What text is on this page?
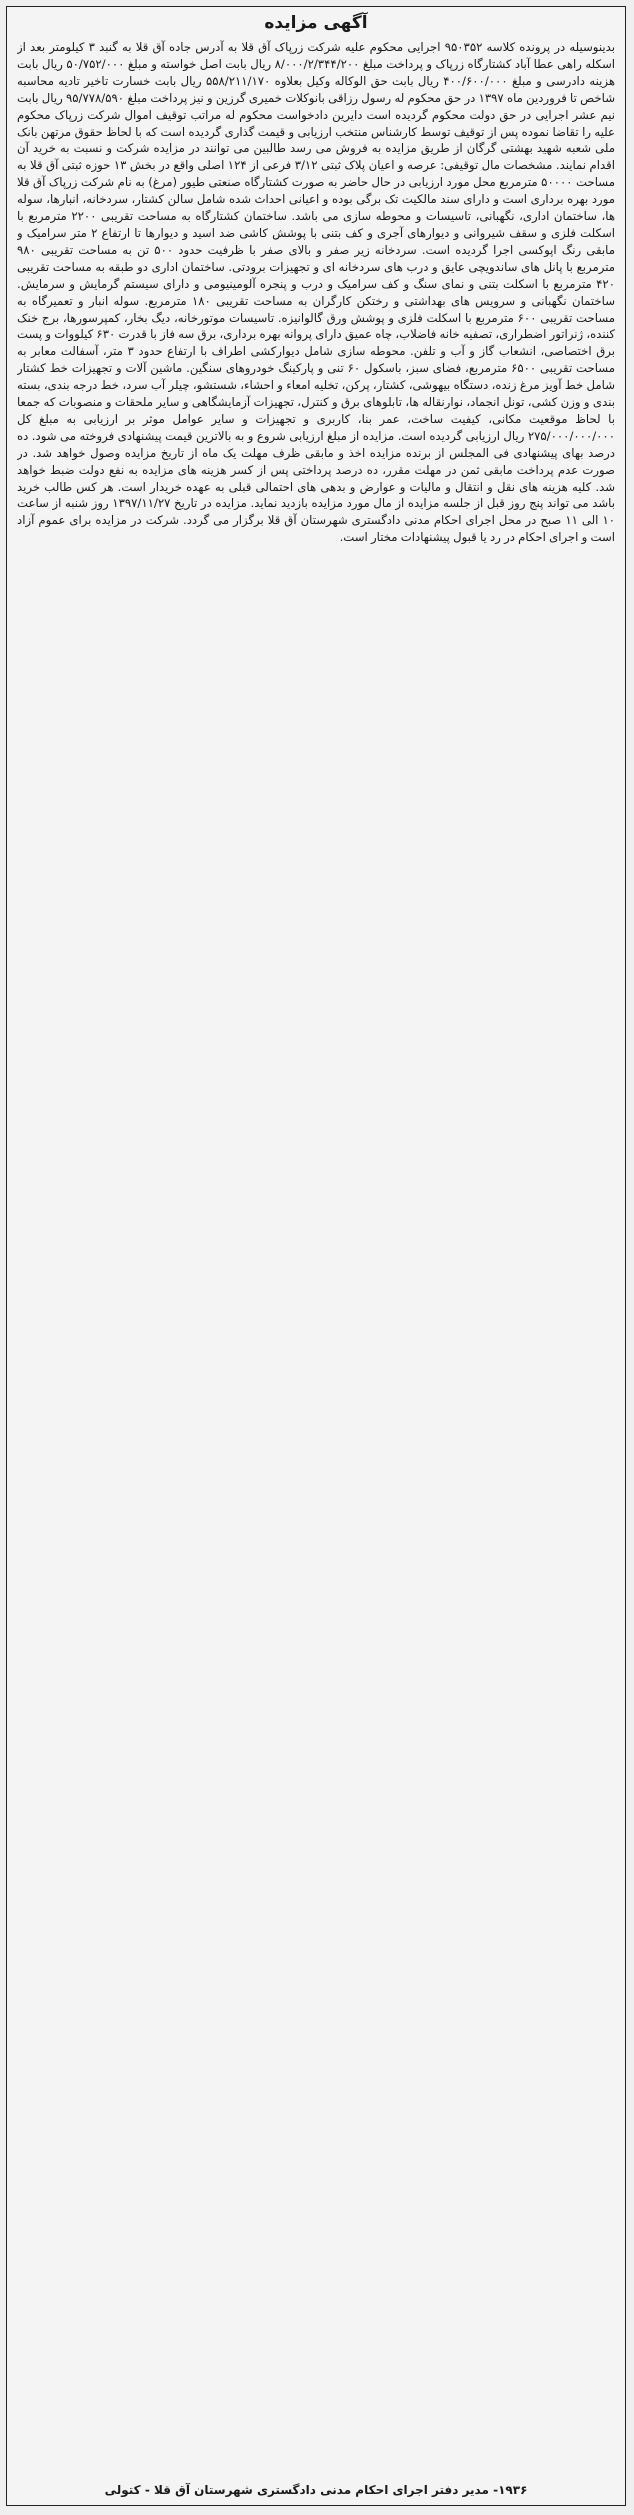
آگهی مزایده

بدینوسیله در پرونده کلاسه ۹۵۰۳۵۲ اجرایی محکوم علیه شرکت زرپاک آق قلا به آدرس جاده آق قلا به گنبد ۳ کیلومتر بعد از اسکله راهی عطا آباد کشتارگاه زرپاک و پرداخت مبلغ ۸/۰۰۰/۲/۳۴۴/۲۰۰ ریال بابت اصل خواسته و مبلغ ۵۰/۷۵۲/۰۰۰ ریال بابت هزینه دادرسی و مبلغ ۴۰۰/۶۰۰/۰۰۰ ریال بابت حق الوکاله وکیل بعلاوه ۵۵۸/۲۱۱/۱۷۰ ریال بابت خسارت تاخیر تادیه محاسبه شاخص تا فروردین ماه ۱۳۹۷ در حق محکوم له رسول رزاقی بانوکلات خمیری گرزین و نیز پرداخت مبلغ ۹۵/۷۷۸/۵۹۰ ریال بابت نیم عشر اجرایی در حق دولت محکوم گردیده است دایرین دادخواست محکوم له مراتب توقیف اموال شرکت زرپاک محکوم علیه را تقاضا نموده پس از توقیف توسط کارشناس منتخب ارزیابی و قیمت گذاری گردیده است که با لحاظ حقوق مرتهن بانک ملی شعبه شهید بهشتی گرگان از طریق مزایده به فروش می رسد طالبین می توانند در مزایده شرکت و نسبت به خرید آن اقدام نمایند. مشخصات مال توقیفی: عرصه و اعیان پلاک ثبتی ۳/۱۲ فرعی از ۱۲۴ اصلی واقع در بخش ۱۳ حوزه ثبتی آق قلا به مساحت ۵۰۰۰۰ مترمربع محل مورد ارزیابی در حال حاضر به صورت کشتارگاه صنعتی طیور (مرغ) به نام شرکت زرپاک آق قلا مورد بهره برداری است و دارای سند مالکیت تک برگی بوده و اعیانی احداث شده شامل سالن کشتار، سردخانه، انبارها، سوله ها، ساختمان اداری، نگهبانی، تاسیسات و محوطه سازی می باشد. ساختمان کشتارگاه به مساحت تقریبی ۲۲۰۰ مترمربع با اسکلت فلزی و سقف شیروانی و دیوارهای آجری و کف بتنی با پوشش کاشی ضد اسید و دیوارها تا ارتفاع ۲ متر سرامیک و مابقی رنگ اپوکسی اجرا گردیده است. سردخانه زیر صفر و بالای صفر با ظرفیت حدود ۵۰۰ تن به مساحت تقریبی ۹۸۰ مترمربع با پانل های ساندویچی عایق و درب های سردخانه ای و تجهیزات برودتی. ساختمان اداری دو طبقه به مساحت تقریبی ۴۲۰ مترمربع با اسکلت بتنی و نمای سنگ و کف سرامیک و درب و پنجره آلومینیومی و دارای سیستم گرمایش و سرمایش. ساختمان نگهبانی و سرویس های بهداشتی و رختکن کارگران به مساحت تقریبی ۱۸۰ مترمربع. سوله انبار و تعمیرگاه به مساحت تقریبی ۶۰۰ مترمربع با اسکلت فلزی و پوشش ورق گالوانیزه. تاسیسات موتورخانه، دیگ بخار، کمپرسورها، برج خنک کننده، ژنراتور اضطراری، تصفیه خانه فاضلاب، چاه عمیق دارای پروانه بهره برداری، برق سه فاز با قدرت ۶۳۰ کیلووات و پست برق اختصاصی، انشعاب گاز و آب و تلفن. محوطه سازی شامل دیوارکشی اطراف با ارتفاع حدود ۳ متر، آسفالت معابر به مساحت تقریبی ۶۵۰۰ مترمربع، فضای سبز، باسکول ۶۰ تنی و پارکینگ خودروهای سنگین. ماشین آلات و تجهیزات خط کشتار شامل خط آویز مرغ زنده، دستگاه بیهوشی، کشتار، پرکن، تخلیه امعاء و احشاء، شستشو، چیلر آب سرد، خط درجه بندی، بسته بندی و وزن کشی، تونل انجماد، نوارنقاله ها، تابلوهای برق و کنترل، تجهیزات آزمایشگاهی و سایر ملحقات و منصوبات که جمعا با لحاظ موقعیت مکانی، کیفیت ساخت، عمر بنا، کاربری و تجهیزات و سایر عوامل موثر بر ارزیابی به مبلغ کل ۲۷۵/۰۰۰/۰۰۰/۰۰۰ ریال ارزیابی گردیده است. مزایده از مبلغ ارزیابی شروع و به بالاترین قیمت پیشنهادی فروخته می شود. ده درصد بهای پیشنهادی فی المجلس از برنده مزایده اخذ و مابقی ظرف مهلت یک ماه از تاریخ مزایده وصول خواهد شد. در صورت عدم پرداخت مابقی ثمن در مهلت مقرر، ده درصد پرداختی پس از کسر هزینه های مزایده به نفع دولت ضبط خواهد شد. کلیه هزینه های نقل و انتقال و مالیات و عوارض و بدهی های احتمالی قبلی به عهده خریدار است. هر کس طالب خرید باشد می تواند پنج روز قبل از جلسه مزایده از مال مورد مزایده بازدید نماید. مزایده در تاریخ ۱۳۹۷/۱۱/۲۷ روز شنبه از ساعت ۱۰ الی ۱۱ صبح در محل اجرای احکام مدنی دادگستری شهرستان آق قلا برگزار می گردد. شرکت در مزایده برای عموم آزاد است و اجرای احکام در رد یا قبول پیشنهادات مختار است.

۱۹۳۶- مدیر دفتر اجرای احکام مدنی دادگستری شهرستان آق قلا - کتولی
